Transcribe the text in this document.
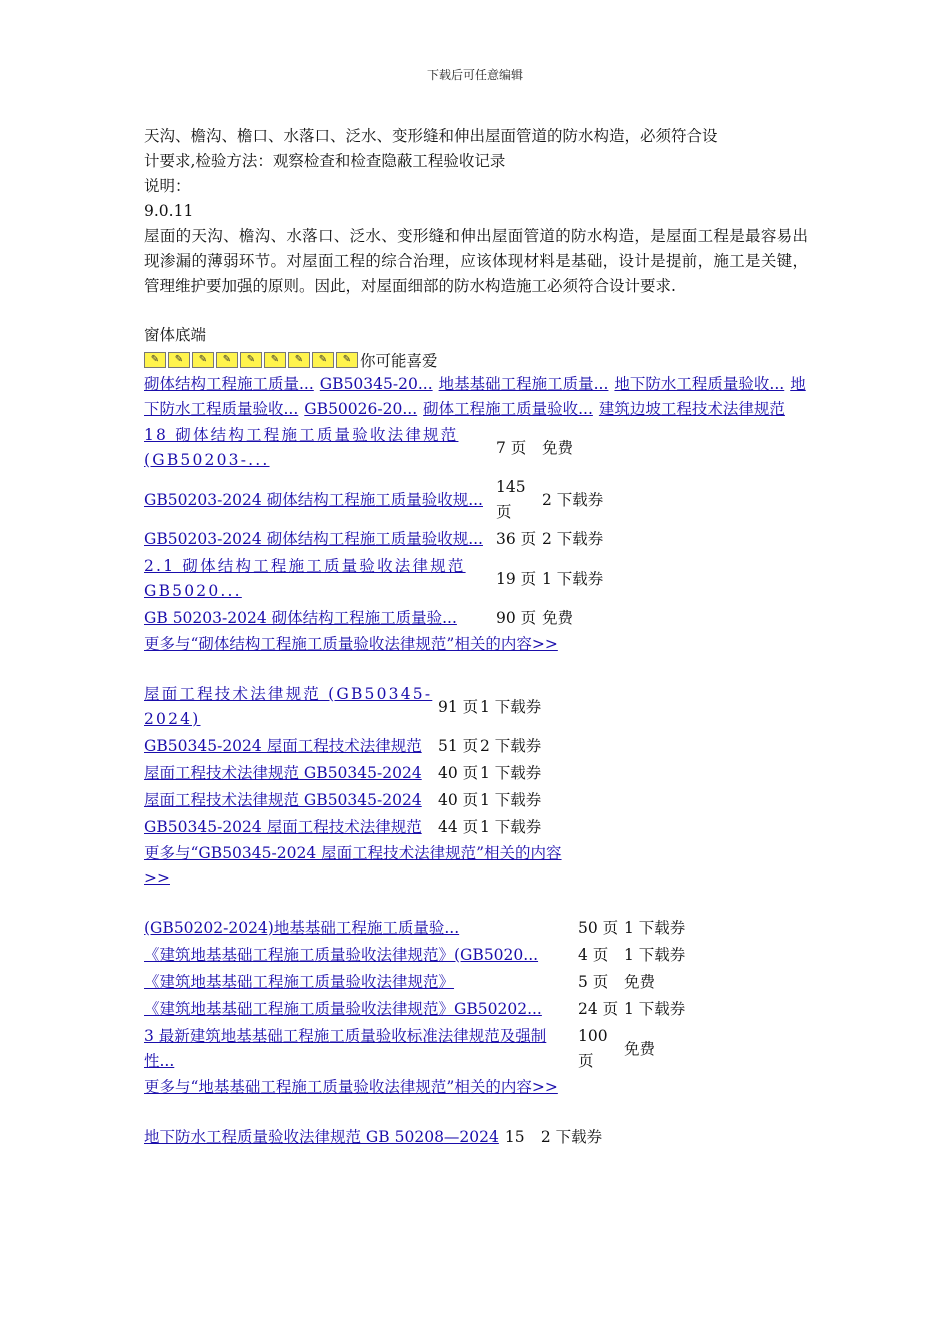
下载后可任意编辑

天沟、檐沟、檐口、水落口、泛水、变形缝和伸出屋面管道的防水构造，必须符合设

计要求,检验方法：观察检查和检查隐蔽工程验收记录

说明：

9.0.11

屋面的天沟、檐沟、水落口、泛水、变形缝和伸出屋面管道的防水构造，是屋面工程是最容易出现渗漏的薄弱环节。对屋面工程的综合治理，应该体现材料是基础，设计是提前，施工是关键，管理维护要加强的原则。因此，对屋面细部的防水构造施工必须符合设计要求.

窗体底端

✎	✎	✎	✎	✎	✎	✎	✎	✎ 你可能喜爱
砌体结构工程施工质量... GB50345-20... 地基基础工程施工质量... 地下防水工程质量验收... 地下防水工程质量验收... GB50026-20... 砌体工程施工质量验收... 建筑边坡工程技术法律规范
18 砌体结构工程施工质量验收法律规范(GB50203-...	7 页	免费
GB50203-2024 砌体结构工程施工质量验收规...	145 页	2 下载券
GB50203-2024 砌体结构工程施工质量验收规...	36 页	2 下载券
2.1 砌体结构工程施工质量验收法律规范 GB5020...	19 页	1 下载券
GB 50203-2024 砌体结构工程施工质量验...	90 页	免费
更多与“砌体结构工程施工质量验收法律规范”相关的内容>>
屋面工程技术法律规范 (GB50345-2024)	91 页	1 下载券
GB50345-2024 屋面工程技术法律规范	51 页	2 下载券
屋面工程技术法律规范 GB50345-2024	40 页	1 下载券
屋面工程技术法律规范 GB50345-2024	40 页	1 下载券
GB50345-2024 屋面工程技术法律规范	44 页	1 下载券
更多与“GB50345-2024 屋面工程技术法律规范”相关的内容>>
(GB50202-2024)地基基础工程施工质量验...	50 页	1 下载券
《建筑地基基础工程施工质量验收法律规范》(GB5020...	4 页	1 下载券
《建筑地基基础工程施工质量验收法律规范》	5 页	免费
《建筑地基基础工程施工质量验收法律规范》GB50202...	24 页	1 下载券
3 最新建筑地基基础工程施工质量验收标准法律规范及强制性...	100 页	免费
更多与“地基基础工程施工质量验收法律规范”相关的内容>>
地下防水工程质量验收法律规范 GB 50208—2024	15	2 下载券
